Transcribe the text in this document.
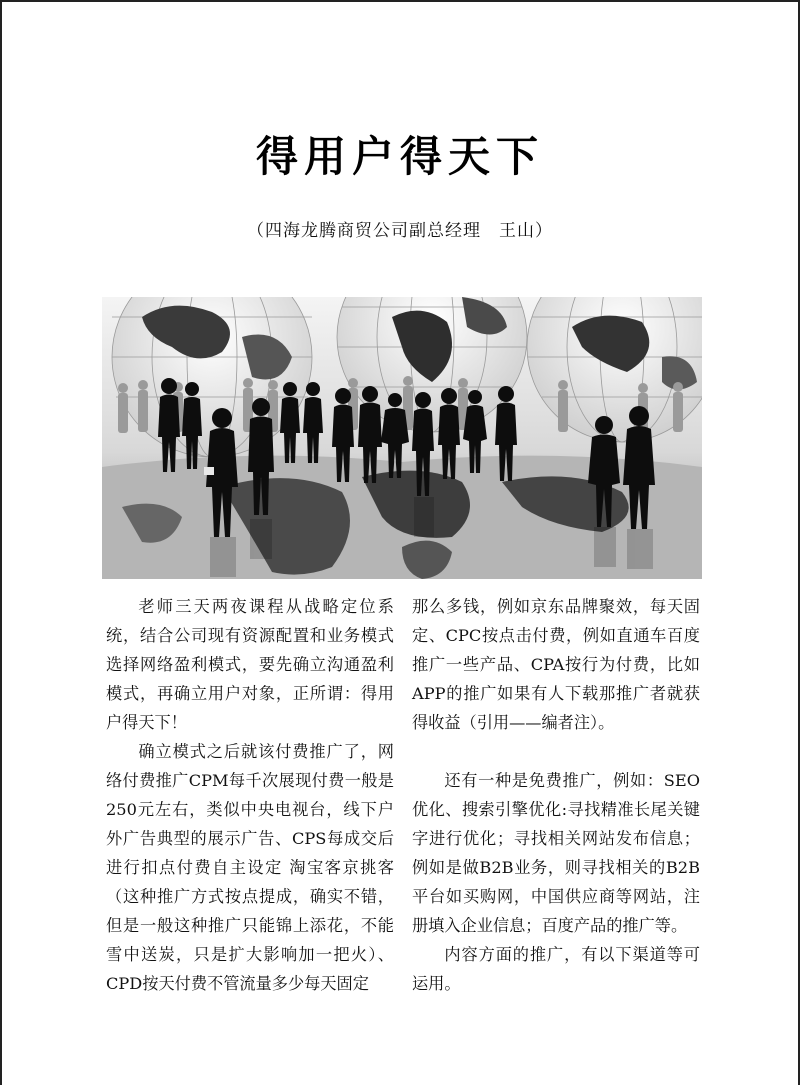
得用户得天下
（四海龙腾商贸公司副总经理　王山）

老师三天两夜课程从战略定位系统，结合公司现有资源配置和业务模式选择网络盈利模式，要先确立沟通盈利模式，再确立用户对象，正所谓：得用户得天下！

确立模式之后就该付费推广了，网络付费推广CPM每千次展现付费一般是250元左右，类似中央电视台，线下户外广告典型的展示广告、CPS每成交后进行扣点付费自主设定 淘宝客京挑客（这种推广方式按点提成，确实不错，但是一般这种推广只能锦上添花，不能雪中送炭，只是扩大影响加一把火）、CPD按天付费不管流量多少每天固定

那么多钱，例如京东品牌聚效，每天固定、CPC按点击付费，例如直通车百度推广一些产品、CPA按行为付费，比如APP的推广如果有人下载那推广者就获得收益（引用——编者注）。

还有一种是免费推广，例如：SEO优化、搜索引擎优化:寻找精准长尾关键字进行优化；寻找相关网站发布信息；例如是做B2B业务，则寻找相关的B2B平台如买购网，中国供应商等网站，注册填入企业信息；百度产品的推广等。

内容方面的推广，有以下渠道等可运用。
